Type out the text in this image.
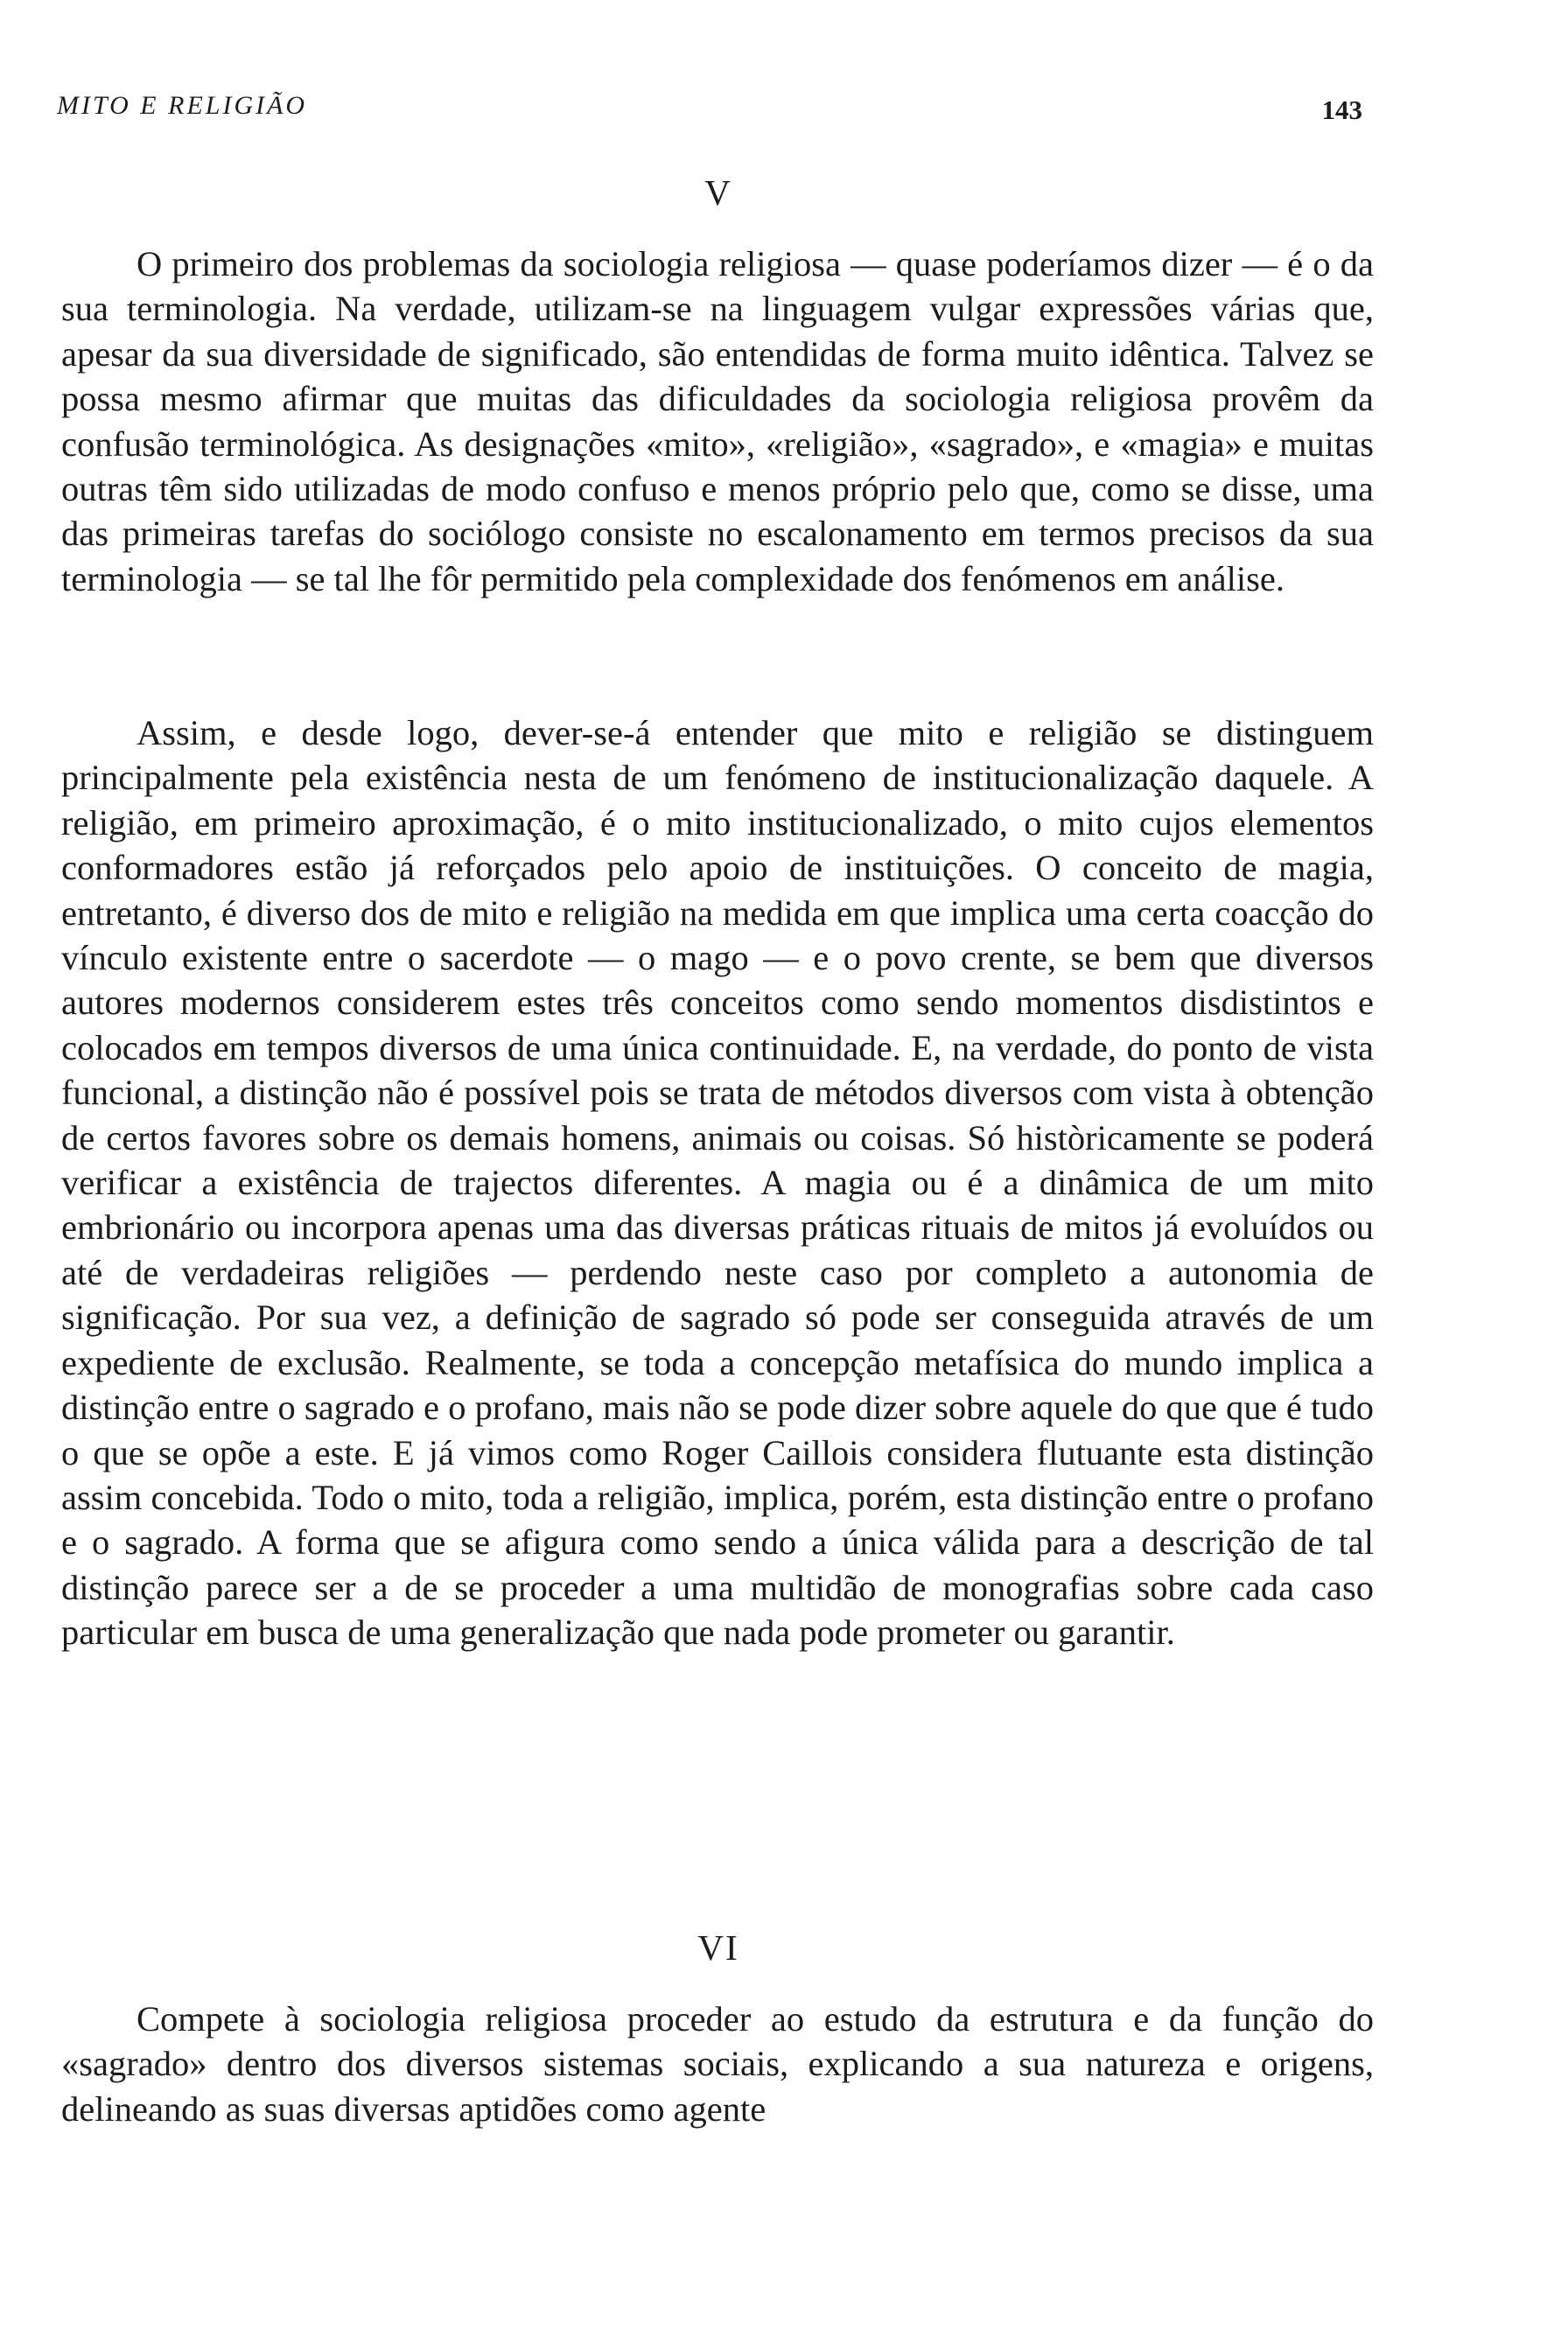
MITO E RELIGIÃO	143
V

O primeiro dos problemas da sociologia religiosa — quase poderíamos dizer — é o da sua terminologia. Na verdade, utilizam-se na linguagem vulgar expressões várias que, apesar da sua diversidade de significado, são entendidas de forma muito idêntica. Talvez se possa mesmo afirmar que muitas das dificuldades da sociologia religiosa provêm da confusão terminológica. As designações «mito», «religião», «sagrado», e «magia» e muitas outras têm sido utilizadas de modo confuso e menos próprio pelo que, como se disse, uma das primeiras tarefas do sociólogo consiste no escalonamento em termos precisos da sua terminologia — se tal lhe fôr permitido pela complexidade dos fenómenos em análise.

Assim, e desde logo, dever-se-á entender que mito e religião se distinguem principalmente pela existência nesta de um fenómeno de institucionalização daquele. A religião, em primeiro aproximação, é o mito institucionalizado, o mito cujos elementos conformadores estão já reforçados pelo apoio de instituições. O conceito de magia, entretanto, é diverso dos de mito e religião na medida em que implica uma certa coacção do vínculo existente entre o sacerdote — o mago — e o povo crente, se bem que diversos autores modernos considerem estes três conceitos como sendo momentos disdistintos e colocados em tempos diversos de uma única continuidade. E, na verdade, do ponto de vista funcional, a distinção não é possível pois se trata de métodos diversos com vista à obtenção de certos favores sobre os demais homens, animais ou coisas. Só històricamente se poderá verificar a existência de trajectos diferentes. A magia ou é a dinâmica de um mito embrionário ou incorpora apenas uma das diversas práticas rituais de mitos já evoluídos ou até de verdadeiras religiões — perdendo neste caso por completo a autonomia de significação. Por sua vez, a definição de sagrado só pode ser conseguida através de um expediente de exclusão. Realmente, se toda a concepção metafísica do mundo implica a distinção entre o sagrado e o profano, mais não se pode dizer sobre aquele do que que é tudo o que se opõe a este. E já vimos como Roger Caillois considera flutuante esta distinção assim concebida. Todo o mito, toda a religião, implica, porém, esta distinção entre o profano e o sagrado. A forma que se afigura como sendo a única válida para a descrição de tal distinção parece ser a de se proceder a uma multidão de monografias sobre cada caso particular em busca de uma generalização que nada pode prometer ou garantir.

VI

Compete à sociologia religiosa proceder ao estudo da estrutura e da função do «sagrado» dentro dos diversos sistemas sociais, explicando a sua natureza e origens, delineando as suas diversas aptidões como agente
